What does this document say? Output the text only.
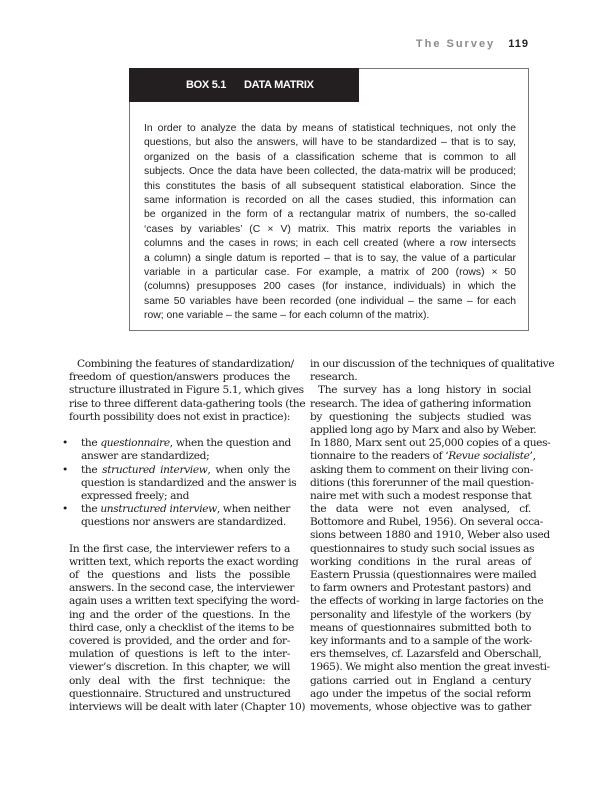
The Survey 119
BOX 5.1 DATA MATRIX
In order to analyze the data by means of statistical techniques, not only the
questions, but also the answers, will have to be standardized – that is to say,
organized on the basis of a classification scheme that is common to all
subjects. Once the data have been collected, the data-matrix will be produced;
this constitutes the basis of all subsequent statistical elaboration. Since the
same information is recorded on all the cases studied, this information can
be organized in the form of a rectangular matrix of numbers, the so-called
‘cases by variables’ (C × V) matrix. This matrix reports the variables in
columns and the cases in rows; in each cell created (where a row intersects
a column) a single datum is reported – that is to say, the value of a particular
variable in a particular case. For example, a matrix of 200 (rows) × 50
(columns) presupposes 200 cases (for instance, individuals) in which the
same 50 variables have been recorded (one individual – the same – for each
row; one variable – the same – for each column of the matrix).
Combining the features of standardization/
freedom of question/answers produces the
structure illustrated in Figure 5.1, which gives
rise to three different data-gathering tools (the
fourth possibility does not exist in practice):
• the questionnaire, when the question and
answer are standardized;
• the structured interview, when only the
question is standardized and the answer is
expressed freely; and
• the unstructured interview, when neither
questions nor answers are standardized.
In the first case, the interviewer refers to a
written text, which reports the exact wording
of the questions and lists the possible
answers. In the second case, the interviewer
again uses a written text specifying the word-
ing and the order of the questions. In the
third case, only a checklist of the items to be
covered is provided, and the order and for-
mulation of questions is left to the inter-
viewer’s discretion. In this chapter, we will
only deal with the first technique: the
questionnaire. Structured and unstructured
interviews will be dealt with later (Chapter 10)
in our discussion of the techniques of qualitative
research.
The survey has a long history in social
research. The idea of gathering information
by questioning the subjects studied was
applied long ago by Marx and also by Weber.
In 1880, Marx sent out 25,000 copies of a ques-
tionnaire to the readers of ‘Revue socialiste’,
asking them to comment on their living con-
ditions (this forerunner of the mail question-
naire met with such a modest response that
the data were not even analysed, cf.
Bottomore and Rubel, 1956). On several occa-
sions between 1880 and 1910, Weber also used
questionnaires to study such social issues as
working conditions in the rural areas of
Eastern Prussia (questionnaires were mailed
to farm owners and Protestant pastors) and
the effects of working in large factories on the
personality and lifestyle of the workers (by
means of questionnaires submitted both to
key informants and to a sample of the work-
ers themselves, cf. Lazarsfeld and Oberschall,
1965). We might also mention the great investi-
gations carried out in England a century
ago under the impetus of the social reform
movements, whose objective was to gather
